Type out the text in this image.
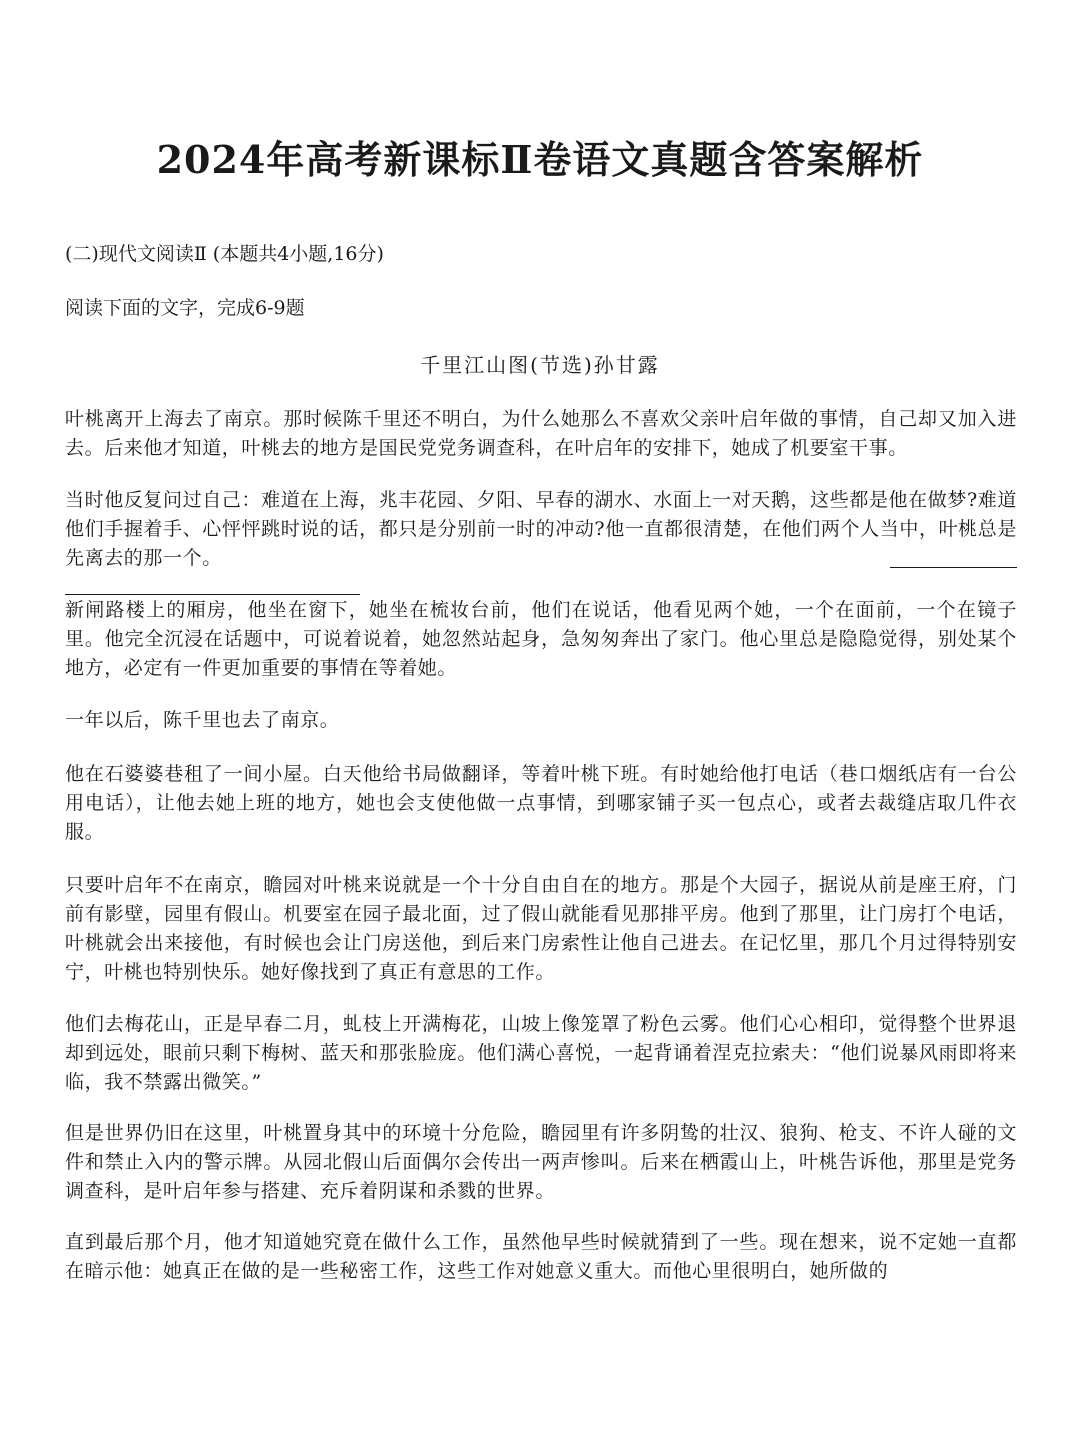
2024年高考新课标Ⅱ卷语文真题含答案解析
(二)现代文阅读Ⅱ (本题共4小题,16分)
阅读下面的文字，完成6-9题
千里江山图(节选)孙甘露
叶桃离开上海去了南京。那时候陈千里还不明白，为什么她那么不喜欢父亲叶启年做的事情，自己却又加入进去。后来他才知道，叶桃去的地方是国民党党务调查科，在叶启年的安排下，她成了机要室干事。
当时他反复问过自己：难道在上海，兆丰花园、夕阳、早春的湖水、水面上一对天鹅，这些都是他在做梦?难道他们手握着手、心怦怦跳时说的话，都只是分别前一时的冲动?他一直都很清楚，在他们两个人当中，叶桃总是先离去的那一个。
新闸路楼上的厢房，他坐在窗下，她坐在梳妆台前，他们在说话，他看见两个她，一个在面前，一个在镜子里。他完全沉浸在话题中，可说着说着，她忽然站起身，急匆匆奔出了家门。他心里总是隐隐觉得，别处某个地方，必定有一件更加重要的事情在等着她。
一年以后，陈千里也去了南京。
他在石婆婆巷租了一间小屋。白天他给书局做翻译，等着叶桃下班。有时她给他打电话（巷口烟纸店有一台公用电话），让他去她上班的地方，她也会支使他做一点事情，到哪家铺子买一包点心，或者去裁缝店取几件衣服。
只要叶启年不在南京，瞻园对叶桃来说就是一个十分自由自在的地方。那是个大园子，据说从前是座王府，门前有影壁，园里有假山。机要室在园子最北面，过了假山就能看见那排平房。他到了那里，让门房打个电话，叶桃就会出来接他，有时候也会让门房送他，到后来门房索性让他自己进去。在记忆里，那几个月过得特别安宁，叶桃也特别快乐。她好像找到了真正有意思的工作。
他们去梅花山，正是早春二月，虬枝上开满梅花，山坡上像笼罩了粉色云雾。他们心心相印，觉得整个世界退却到远处，眼前只剩下梅树、蓝天和那张脸庞。他们满心喜悦，一起背诵着涅克拉索夫：“他们说暴风雨即将来临，我不禁露出微笑。”
但是世界仍旧在这里，叶桃置身其中的环境十分危险，瞻园里有许多阴鸷的壮汉、狼狗、枪支、不许人碰的文件和禁止入内的警示牌。从园北假山后面偶尔会传出一两声惨叫。后来在栖霞山上，叶桃告诉他，那里是党务调查科，是叶启年参与搭建、充斥着阴谋和杀戮的世界。
直到最后那个月，他才知道她究竟在做什么工作，虽然他早些时候就猜到了一些。现在想来，说不定她一直都在暗示他：她真正在做的是一些秘密工作，这些工作对她意义重大。而他心里很明白，她所做的
